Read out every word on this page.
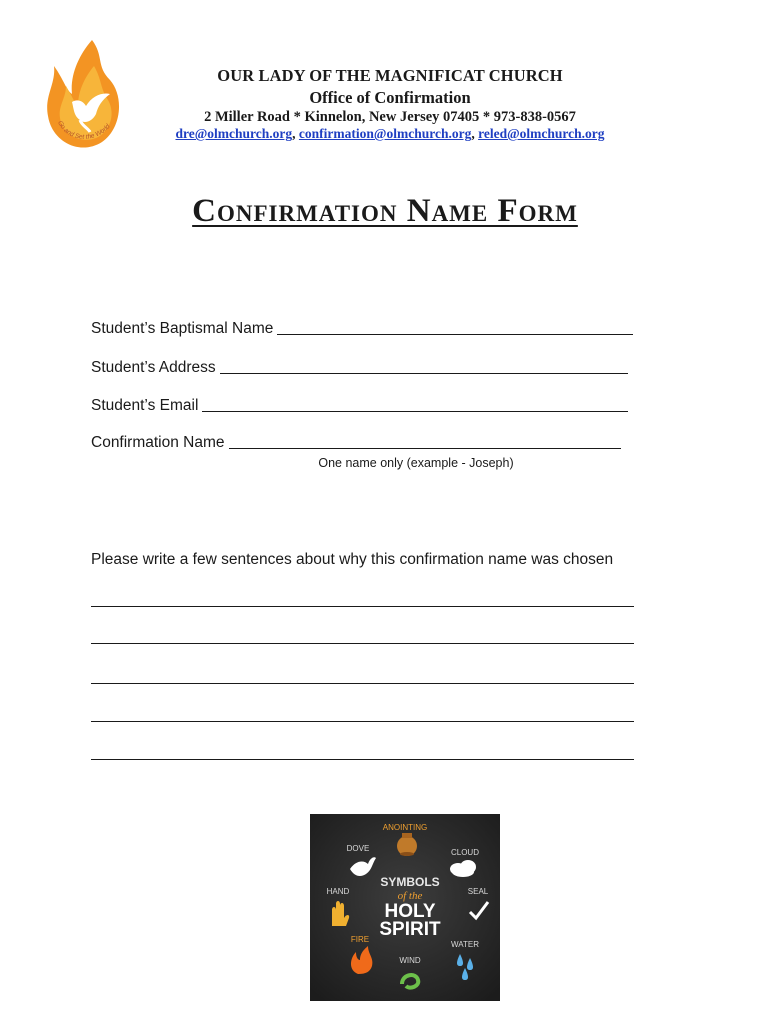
Go and Set the World
OUR LADY OF THE MAGNIFICAT CHURCH
Office of Confirmation
2 Miller Road * Kinnelon, New Jersey 07405 * 973-838-0567
dre@olmchurch.org, confirmation@olmchurch.org, reled@olmchurch.org
Confirmation Name Form
Student’s Baptismal Name
Student’s Address
Student’s Email
Confirmation Name
One name only (example - Joseph)
Please write a few sentences about why this confirmation name was chosen
ANOINTING
DOVE	CLOUD
HAND	SEAL
FIRE
WATER
WIND
SYMBOLS
of the
HOLY
SPIRIT
